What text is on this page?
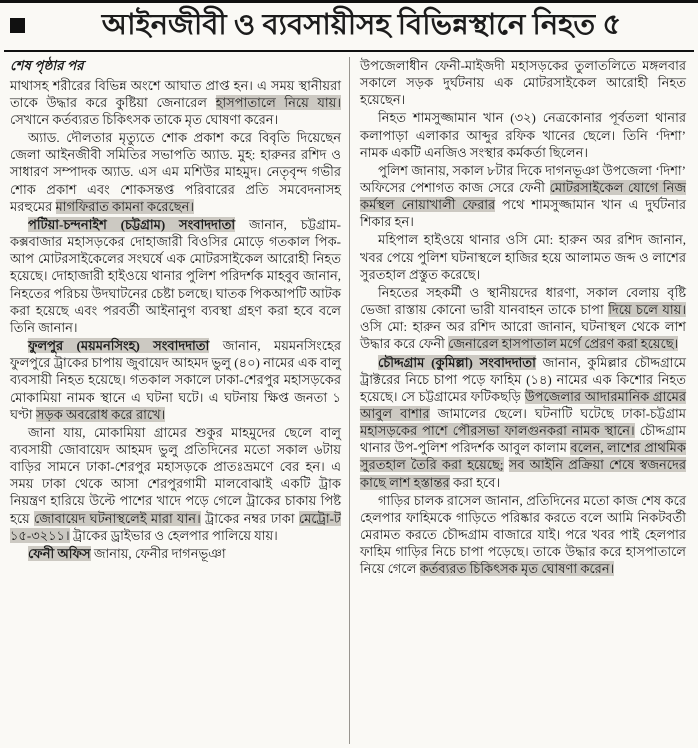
আইনজীবী ও ব্যবসায়ীসহ বিভিন্নস্থানে নিহত ৫
শেষ পৃষ্ঠার পর

মাথাসহ শরীরের বিভিন্ন অংশে আঘাত প্রাপ্ত হন। এ সময় স্থানীয়রা তাকে উদ্ধার করে কুষ্টিয়া জেনারেল হাসপাতালে নিয়ে যায়। সেখানে কর্তব্যরত চিকিৎসক তাকে মৃত ঘোষণা করেন।

অ্যাড. দৌলতার মৃত্যুতে শোক প্রকাশ করে বিবৃতি দিয়েছেন জেলা আইনজীবী সমিতির সভাপতি অ্যাড. মুহ: হারুনর রশিদ ও সাধারণ সম্পাদক অ্যাড. এস এম মশিউর মাহমুদ। নেতৃবৃন্দ গভীর শোক প্রকাশ এবং শোকসন্তপ্ত পরিবারের প্রতি সমবেদনাসহ মরহুমের মাগফিরাত কামনা করেছেন।

পটিয়া-চন্দনাইশ (চট্টগ্রাম) সংবাদদাতা জানান, চট্টগ্রাম-কক্সবাজার মহাসড়কের দোহাজারী বিওসির মোড়ে গতকাল পিক-আপ মোটরসাইকেলের সংঘর্ষে এক মোটরসাইকেল আরোহী নিহত হয়েছে। দোহাজারী হাইওয়ে থানার পুলিশ পরিদর্শক মাহবুব জানান, নিহতের পরিচয় উদঘাটনের চেষ্টা চলছে। ঘাতক পিকআপটি আটক করা হয়েছে এবং পরবর্তী আইনানুগ ব্যবস্থা গ্রহণ করা হবে বলে তিনি জানান।

ফুলপুর (ময়মনসিংহ) সংবাদদাতা জানান, ময়মনসিংহের ফুলপুরে ট্রাকের চাপায় জুবায়েদ আহমদ ভুলু (৪০) নামের এক বালু ব্যবসায়ী নিহত হয়েছে। গতকাল সকালে ঢাকা-শেরপুর মহাসড়কের মোকামিয়া নামক স্থানে এ ঘটনা ঘটে। এ ঘটনায় ক্ষিপ্ত জনতা ১ ঘণ্টা সড়ক অবরোধ করে রাখে।

জানা যায়, মোকামিয়া গ্রামের শুকুর মাহমুদের ছেলে বালু ব্যবসায়ী জোবায়েদ আহমদ ভুলু প্রতিদিনের মতো সকাল ৬টায় বাড়ির সামনে ঢাকা-শেরপুর মহাসড়কে প্রাতঃভ্রমণে বের হন। এ সময় ঢাকা থেকে আসা শেরপুরগামী মালবোঝাই একটি ট্রাক নিয়ন্ত্রণ হারিয়ে উল্টে পাশের খাদে পড়ে গেলে ট্রাকের চাকায় পিষ্ট হয়ে জোবায়েদ ঘটনাস্থলেই মারা যান। ট্রাকের নম্বর ঢাকা মেট্রো-ট ১৫-৩২১১। ট্রাকের ড্রাইভার ও হেলপার পালিয়ে যায়।

ফেনী অফিস জানায়, ফেনীর দাগনভূঞা

উপজেলাধীন ফেনী-মাইজদী মহাসড়কের তুলাতলিতে মঙ্গলবার সকালে সড়ক দুর্ঘটনায় এক মোটরসাইকেল আরোহী নিহত হয়েছেন।

নিহত শামসুজ্জামান খান (৩২) নেত্রকোনার পূর্বতলা থানার কলাপাড়া এলাকার আব্দুর রফিক খানের ছেলে। তিনি ‘দিশা’ নামক একটি এনজিও সংস্থার কর্মকর্তা ছিলেন।

পুলিশ জানায়, সকাল ৮টার দিকে দাগনভূঞা উপজেলা ‘দিশা’ অফিসের পেশাগত কাজ সেরে ফেনী মোটরসাইকেল যোগে নিজ কর্মস্থল নোয়াখালী ফেরার পথে শামসুজ্জামান খান এ দুর্ঘটনার শিকার হন।

মহিপাল হাইওয়ে থানার ওসি মো: হারুন অর রশিদ জানান, খবর পেয়ে পুলিশ ঘটনাস্থলে হাজির হয়ে আলামত জব্দ ও লাশের সুরতহাল প্রস্তুত করেছে।

নিহতের সহকর্মী ও স্থানীয়দের ধারণা, সকাল বেলায় বৃষ্টি ভেজা রাস্তায় কোনো ভারী যানবাহন তাকে চাপা দিয়ে চলে যায়। ওসি মো: হারুন অর রশিদ আরো জানান, ঘটনাস্থল থেকে লাশ উদ্ধার করে ফেনী জেনারেল হাসপাতাল মর্গে প্রেরণ করা হয়েছে।

চৌদ্দগ্রাম (কুমিল্লা) সংবাদদাতা জানান, কুমিল্লার চৌদ্দগ্রামে ট্রাক্টরের নিচে চাপা পড়ে ফাহিম (১৪) নামের এক কিশোর নিহত হয়েছে। সে চট্টগ্রামের ফটিকছড়ি উপজেলার আদারমানিক গ্রামের আবুল বাশার জামালের ছেলে। ঘটনাটি ঘটেছে ঢাকা-চট্টগ্রাম মহাসড়কের পাশে পৌরসভা ফালগুনকরা নামক স্থানে। চৌদ্দগ্রাম থানার উপ-পুলিশ পরিদর্শক আবুল কালাম বলেন, লাশের প্রাথমিক সুরতহাল তৈরি করা হয়েছে; সব আইনি প্রক্রিয়া শেষে স্বজনদের কাছে লাশ হস্তান্তর করা হবে।

গাড়ির চালক রাসেল জানান, প্রতিদিনের মতো কাজ শেষ করে হেলপার ফাহিমকে গাড়িতে পরিষ্কার করতে বলে আমি নিকটবর্তী মেরামত করতে চৌদ্দগ্রাম বাজারে যাই। পরে খবর পাই হেলপার ফাহিম গাড়ির নিচে চাপা পড়েছে। তাকে উদ্ধার করে হাসপাতালে নিয়ে গেলে কর্তব্যরত চিকিৎসক মৃত ঘোষণা করেন।
